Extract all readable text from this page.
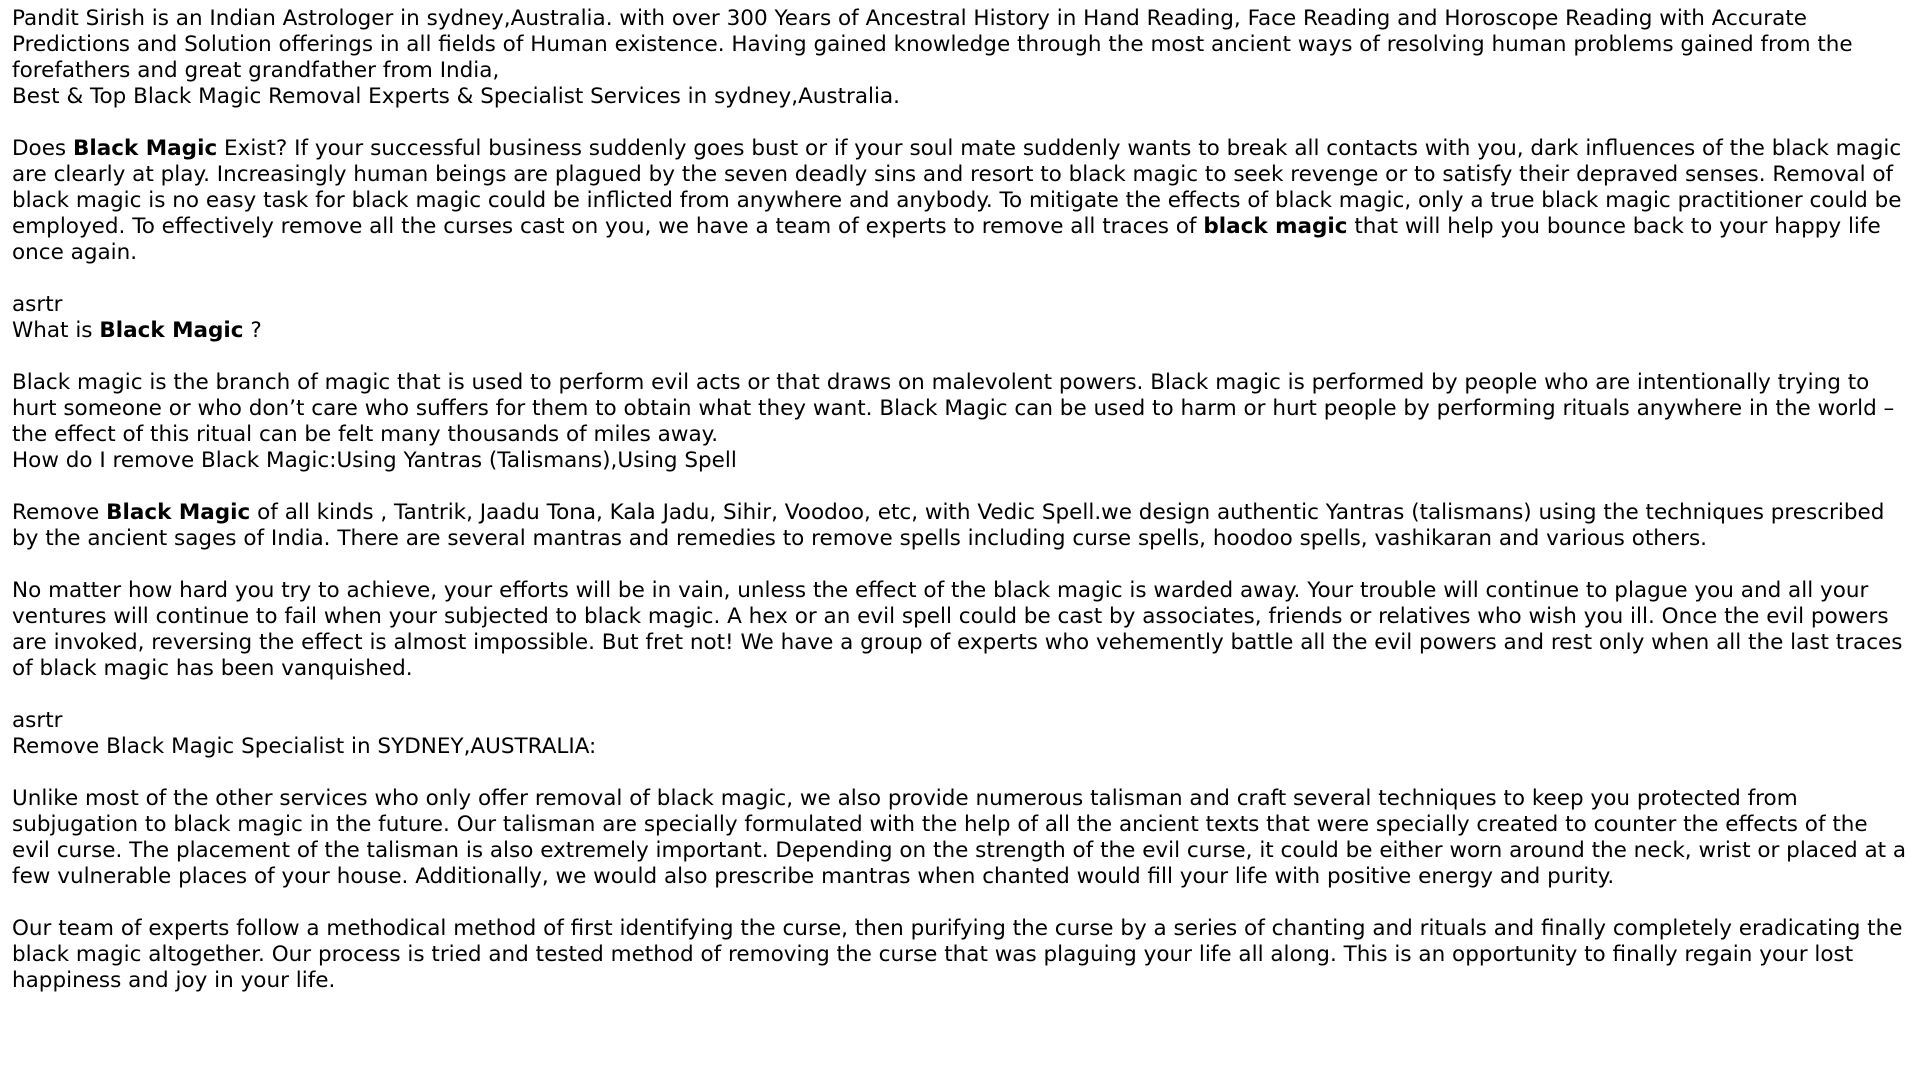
Pandit Sirish is an Indian Astrologer in sydney,Australia. with over 300 Years of Ancestral History in Hand Reading, Face Reading and Horoscope Reading with Accurate Predictions and Solution offerings in all fields of Human existence. Having gained knowledge through the most ancient ways of resolving human problems gained from the forefathers and great grandfather from India,

Best & Top Black Magic Removal Experts & Specialist Services in sydney,Australia.

Does Black Magic Exist? If your successful business suddenly goes bust or if your soul mate suddenly wants to break all contacts with you, dark influences of the black magic are clearly at play. Increasingly human beings are plagued by the seven deadly sins and resort to black magic to seek revenge or to satisfy their depraved senses. Removal of black magic is no easy task for black magic could be inflicted from anywhere and anybody. To mitigate the effects of black magic, only a true black magic practitioner could be employed. To effectively remove all the curses cast on you, we have a team of experts to remove all traces of black magic that will help you bounce back to your happy life once again.

asrtr

What is Black Magic ?

Black magic is the branch of magic that is used to perform evil acts or that draws on malevolent powers. Black magic is performed by people who are intentionally trying to hurt someone or who don’t care who suffers for them to obtain what they want. Black Magic can be used to harm or hurt people by performing rituals anywhere in the world – the effect of this ritual can be felt many thousands of miles away.

How do I remove Black Magic:Using Yantras (Talismans),Using Spell

Remove Black Magic of all kinds , Tantrik, Jaadu Tona, Kala Jadu, Sihir, Voodoo, etc, with Vedic Spell.we design authentic Yantras (talismans) using the techniques prescribed by the ancient sages of India. There are several mantras and remedies to remove spells including curse spells, hoodoo spells, vashikaran and various others.

No matter how hard you try to achieve, your efforts will be in vain, unless the effect of the black magic is warded away. Your trouble will continue to plague you and all your ventures will continue to fail when your subjected to black magic. A hex or an evil spell could be cast by associates, friends or relatives who wish you ill. Once the evil powers are invoked, reversing the effect is almost impossible. But fret not! We have a group of experts who vehemently battle all the evil powers and rest only when all the last traces of black magic has been vanquished.

asrtr

Remove Black Magic Specialist in SYDNEY,AUSTRALIA:

Unlike most of the other services who only offer removal of black magic, we also provide numerous talisman and craft several techniques to keep you protected from subjugation to black magic in the future. Our talisman are specially formulated with the help of all the ancient texts that were specially created to counter the effects of the evil curse. The placement of the talisman is also extremely important. Depending on the strength of the evil curse, it could be either worn around the neck, wrist or placed at a few vulnerable places of your house. Additionally, we would also prescribe mantras when chanted would fill your life with positive energy and purity.

Our team of experts follow a methodical method of first identifying the curse, then purifying the curse by a series of chanting and rituals and finally completely eradicating the black magic altogether. Our process is tried and tested method of removing the curse that was plaguing your life all along. This is an opportunity to finally regain your lost happiness and joy in your life.
